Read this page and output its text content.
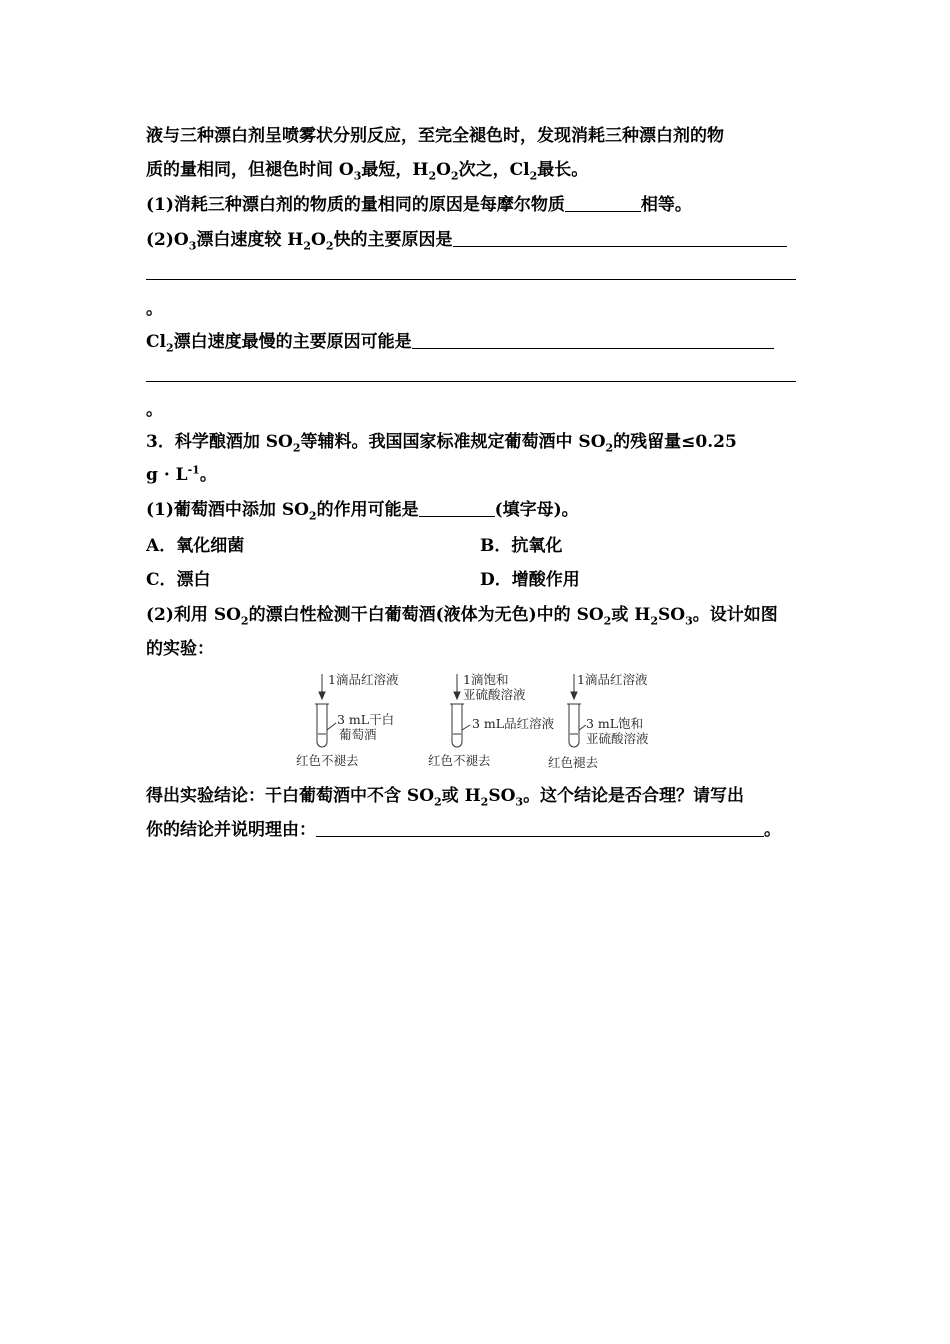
液与三种漂白剂呈喷雾状分别反应，至完全褪色时，发现消耗三种漂白剂的物
质的量相同，但褪色时间 $O_3$最短，$H_2O_2$次之，$Cl_2$最长。
(1)消耗三种漂白剂的物质的量相同的原因是每摩尔物质	相等。
$(2)O_3$漂白速度较 $H_2O_2$快的主要原因是
。
$Cl_2$漂白速度最慢的主要原因可能是
。
3．科学酿酒加 $SO_2$等辅料。我国国家标准规定葡萄酒中 $SO_2$的残留量≤0.25
$g \cdot L^{-1}$。
(1)葡萄酒中添加 $SO_2$的作用可能是	(填字母)。
A．氧化细菌	B．抗氧化
C．漂白	D．增酸作用
(2)利用 $SO_2$的漂白性检测干白葡萄酒(液体为无色)中的 $SO_2$或 $H_2SO_3$。设计如图
的实验：
1滴品红溶液
3 mL干白
葡萄酒
红色不褪去
1滴饱和
亚硫酸溶液
3 mL品红溶液
红色不褪去
1滴品红溶液
3 mL饱和
亚硫酸溶液
红色褪去
得出实验结论：干白葡萄酒中不含 $SO_2$或 $H_2SO_3$。这个结论是否合理？请写出
你的结论并说明理由：	。
